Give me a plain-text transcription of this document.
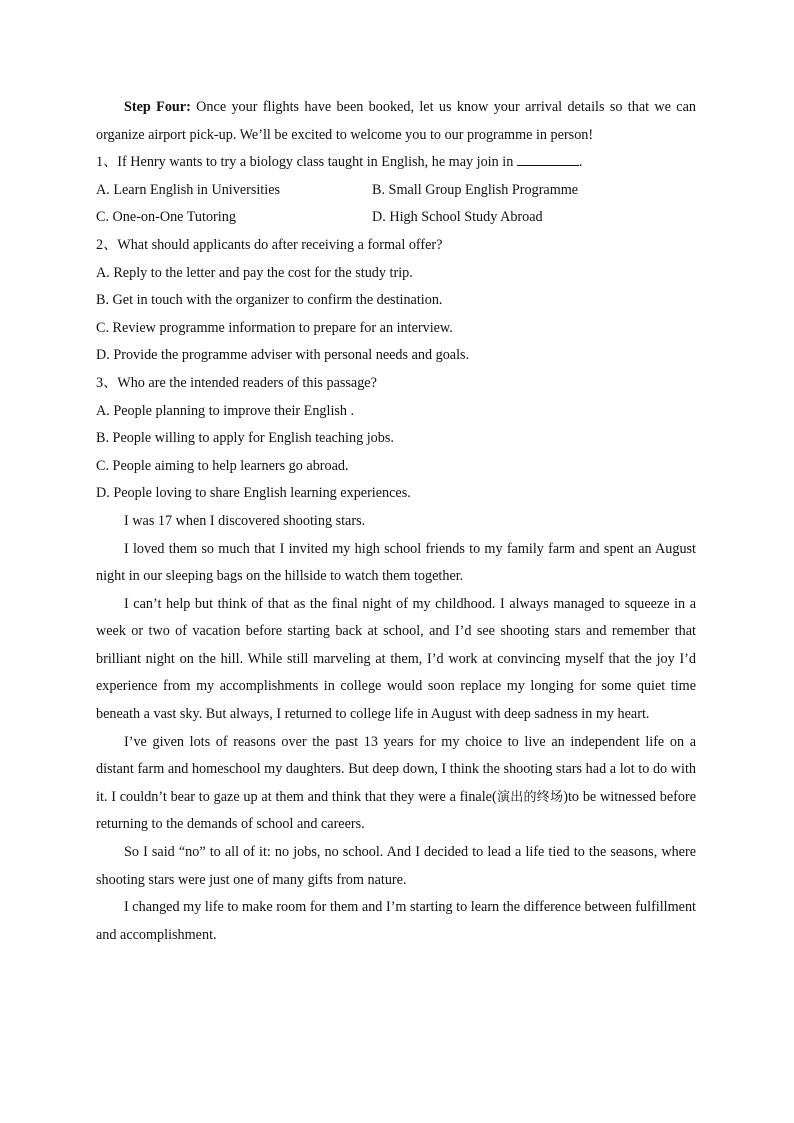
Step Four: Once your flights have been booked, let us know your arrival details so that we can organize airport pick-up. We’ll be excited to welcome you to our programme in person!

1、If Henry wants to try a biology class taught in English, he may join in	.

A. Learn English in Universities	B. Small Group English Programme
C. One-on-One Tutoring	D. High School Study Abroad

2、What should applicants do after receiving a formal offer?

A. Reply to the letter and pay the cost for the study trip.

B. Get in touch with the organizer to confirm the destination.

C. Review programme information to prepare for an interview.

D. Provide the programme adviser with personal needs and goals.

3、Who are the intended readers of this passage?

A. People planning to improve their English .

B. People willing to apply for English teaching jobs.

C. People aiming to help learners go abroad.

D. People loving to share English learning experiences.

I was 17 when I discovered shooting stars.

I loved them so much that I invited my high school friends to my family farm and spent an August night in our sleeping bags on the hillside to watch them together.

I can’t help but think of that as the final night of my childhood. I always managed to squeeze in a week or two of vacation before starting back at school, and I’d see shooting stars and remember that brilliant night on the hill. While still marveling at them, I’d work at convincing myself that the joy I’d experience from my accomplishments in college would soon replace my longing for some quiet time beneath a vast sky. But always, I returned to college life in August with deep sadness in my heart.

I’ve given lots of reasons over the past 13 years for my choice to live an independent life on a distant farm and homeschool my daughters. But deep down, I think the shooting stars had a lot to do with it. I couldn’t bear to gaze up at them and think that they were a finale(演出的终场)to be witnessed before returning to the demands of school and careers.

So I said “no” to all of it: no jobs, no school. And I decided to lead a life tied to the seasons, where shooting stars were just one of many gifts from nature.

I changed my life to make room for them and I’m starting to learn the difference between fulfillment and accomplishment.
